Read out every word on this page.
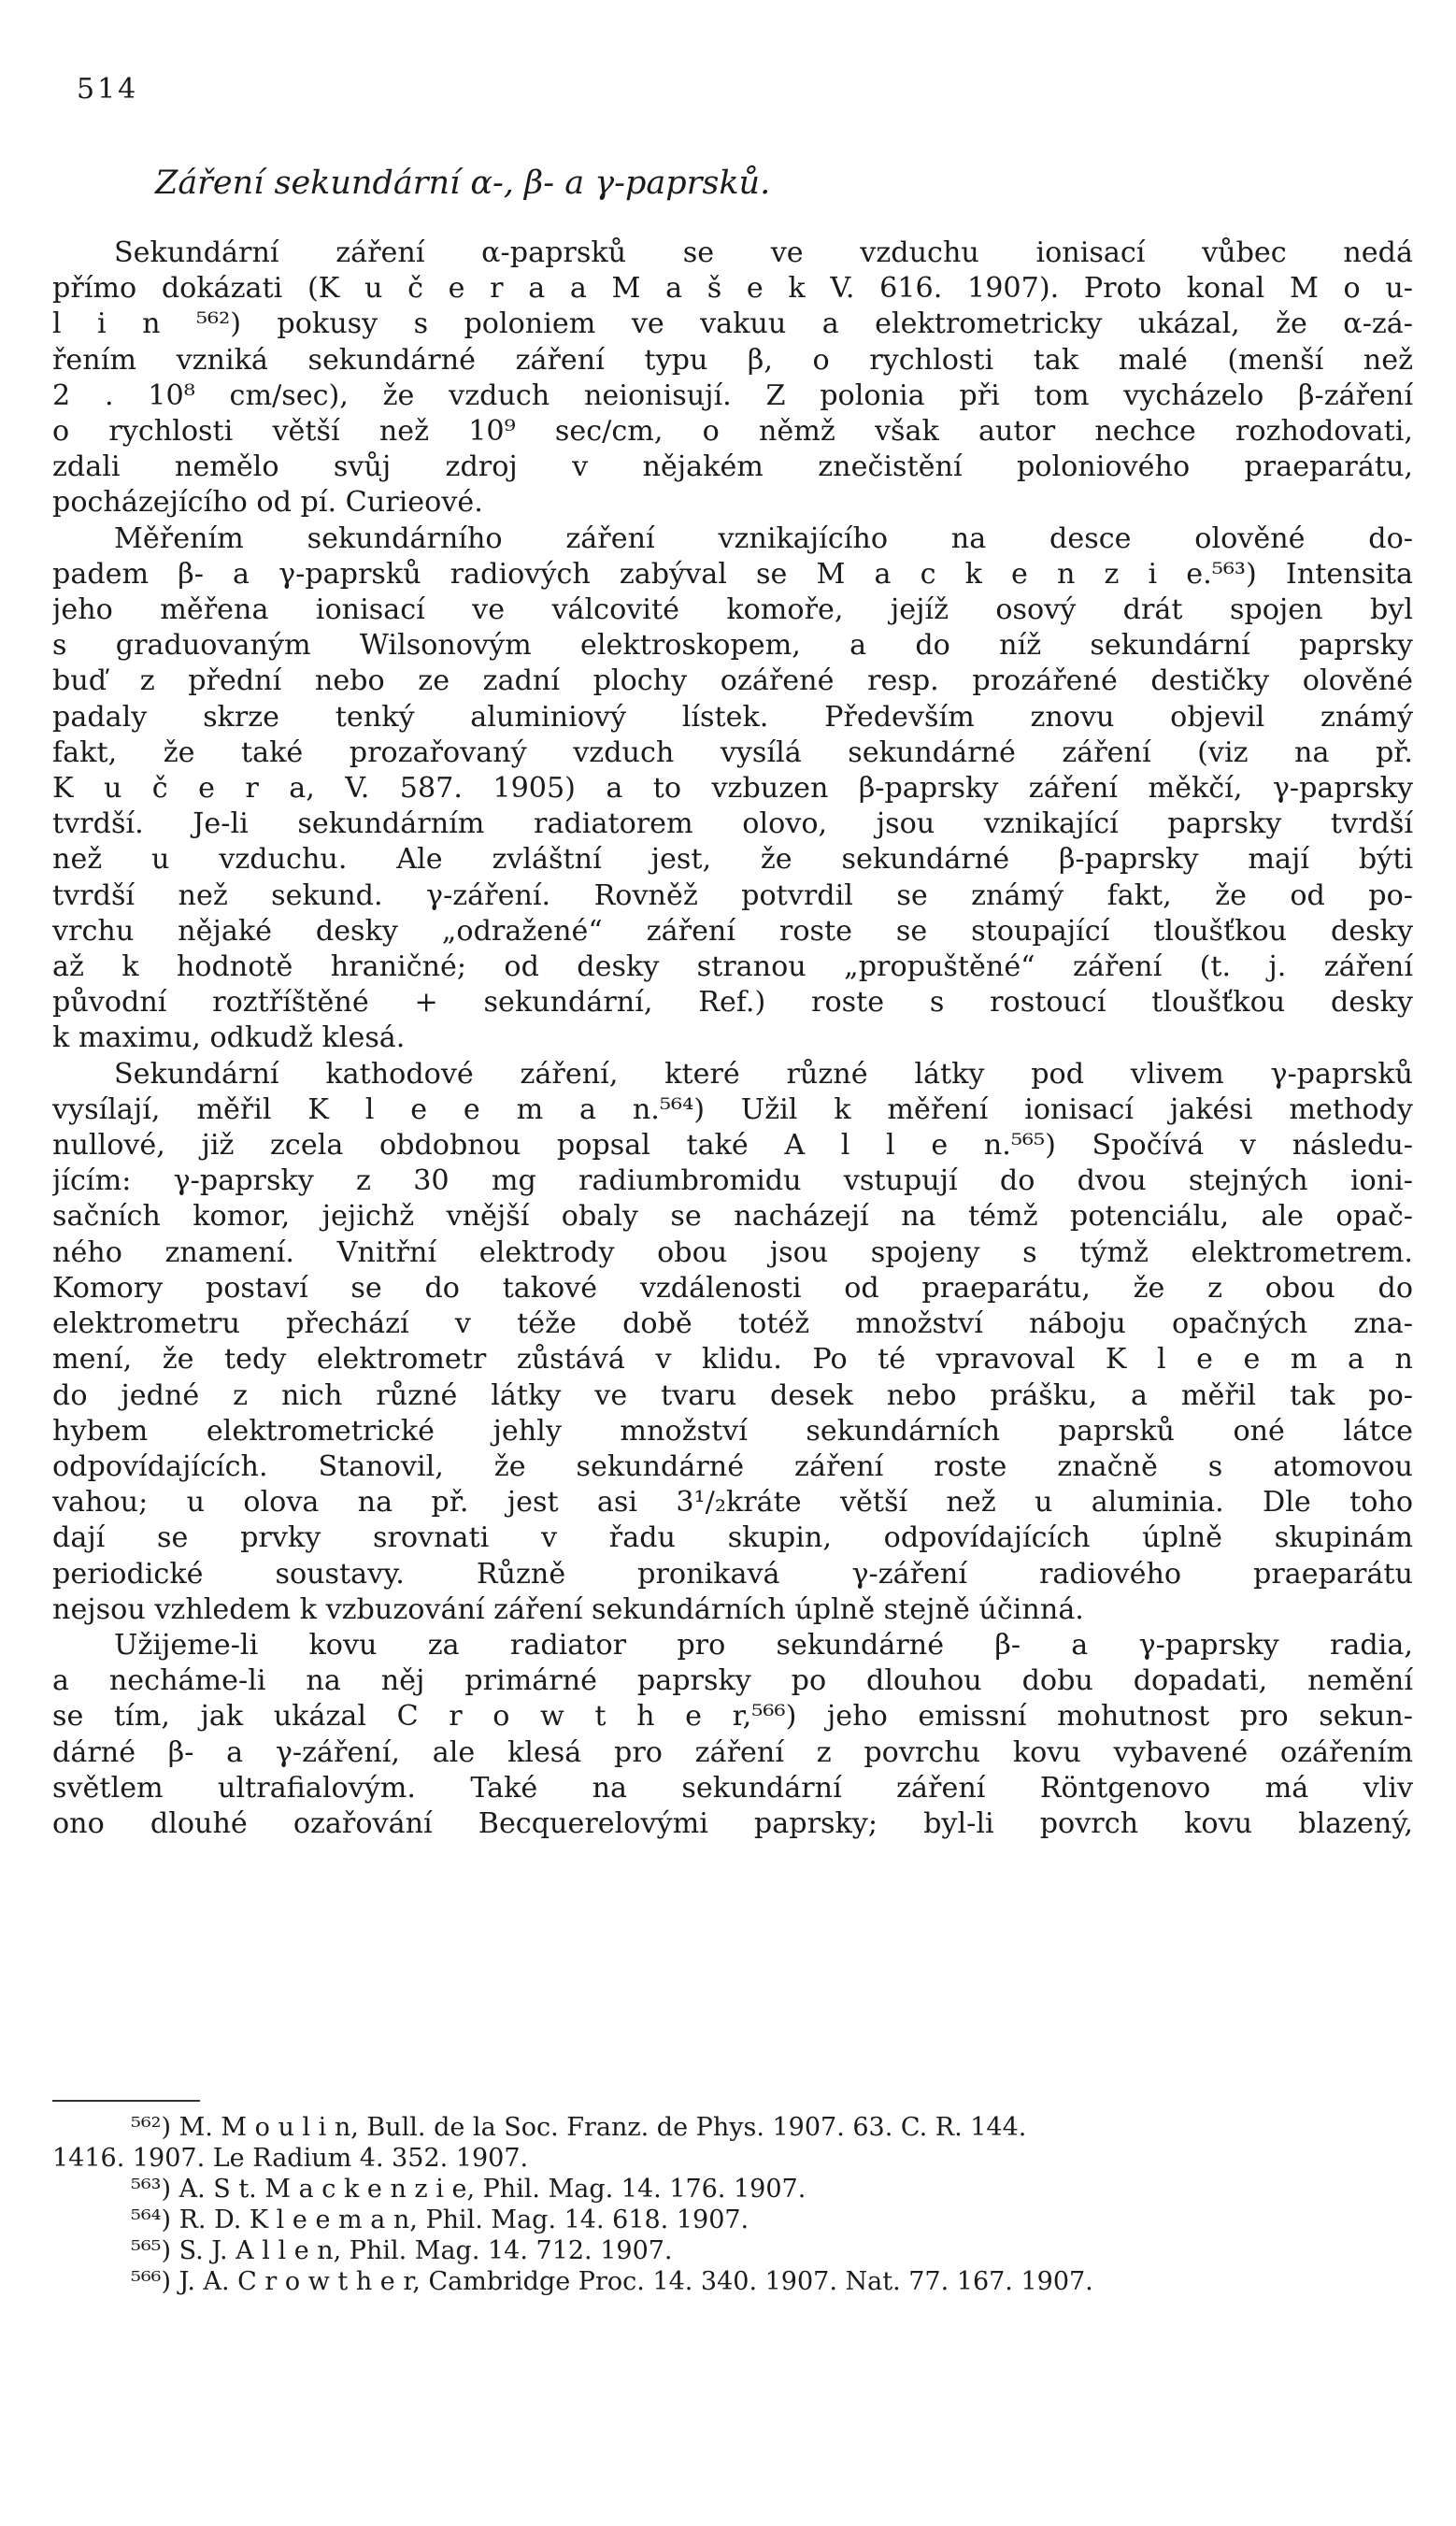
514
Záření sekundární α-, β- a γ-paprsků.
Sekundární záření α-paprsků se ve vzduchu ionisací vůbec nedá
přímo dokázati (K u č e r a a M a š e k V. 616. 1907). Proto konal M o u-
l i n ⁵⁶²) pokusy s poloniem ve vakuu a elektrometricky ukázal, že α-zá-
řením vzniká sekundárné záření typu β, o rychlosti tak malé (menší než
2 . 10⁸ cm/sec), že vzduch neionisují. Z polonia při tom vycházelo β-záření
o rychlosti větší než 10⁹ sec/cm, o němž však autor nechce rozhodovati,
zdali nemělo svůj zdroj v nějakém znečistění poloniového praeparátu,
pocházejícího od pí. Curieové.
Měřením sekundárního záření vznikajícího na desce olověné do-
padem β- a γ-paprsků radiových zabýval se M a c k e n z i e.⁵⁶³) Intensita
jeho měřena ionisací ve válcovité komoře, jejíž osový drát spojen byl
s graduovaným Wilsonovým elektroskopem, a do níž sekundární paprsky
buď z přední nebo ze zadní plochy ozářené resp. prozářené destičky olověné
padaly skrze tenký aluminiový lístek. Především znovu objevil známý
fakt, že také prozařovaný vzduch vysílá sekundárné záření (viz na př.
K u č e r a, V. 587. 1905) a to vzbuzen β-paprsky záření měkčí, γ-paprsky
tvrdší. Je-li sekundárním radiatorem olovo, jsou vznikající paprsky tvrdší
než u vzduchu. Ale zvláštní jest, že sekundárné β-paprsky mají býti
tvrdší než sekund. γ-záření. Rovněž potvrdil se známý fakt, že od po-
vrchu nějaké desky „odražené“ záření roste se stoupající tloušťkou desky
až k hodnotě hraničné; od desky stranou „propuštěné“ záření (t. j. záření
původní roztříštěné + sekundární, Ref.) roste s rostoucí tloušťkou desky
k maximu, odkudž klesá.
Sekundární kathodové záření, které různé látky pod vlivem γ-paprsků
vysílají, měřil K l e e m a n.⁵⁶⁴) Užil k měření ionisací jakési methody
nullové, již zcela obdobnou popsal také A l l e n.⁵⁶⁵) Spočívá v následu-
jícím: γ-paprsky z 30 mg radiumbromidu vstupují do dvou stejných ioni-
sačních komor, jejichž vnější obaly se nacházejí na témž potenciálu, ale opač-
ného znamení. Vnitřní elektrody obou jsou spojeny s týmž elektrometrem.
Komory postaví se do takové vzdálenosti od praeparátu, že z obou do
elektrometru přechází v téže době totéž množství náboju opačných zna-
mení, že tedy elektrometr zůstává v klidu. Po té vpravoval K l e e m a n
do jedné z nich různé látky ve tvaru desek nebo prášku, a měřil tak po-
hybem elektrometrické jehly množství sekundárních paprsků oné látce
odpovídajících. Stanovil, že sekundárné záření roste značně s atomovou
vahou; u olova na př. jest asi 3¹/₂kráte větší než u aluminia. Dle toho
dají se prvky srovnati v řadu skupin, odpovídajících úplně skupinám
periodické soustavy. Různě pronikavá γ-záření radiového praeparátu
nejsou vzhledem k vzbuzování záření sekundárních úplně stejně účinná.
Užijeme-li kovu za radiator pro sekundárné β- a γ-paprsky radia,
a necháme-li na něj primárné paprsky po dlouhou dobu dopadati, nemění
se tím, jak ukázal C r o w t h e r,⁵⁶⁶) jeho emissní mohutnost pro sekun-
dárné β- a γ-záření, ale klesá pro záření z povrchu kovu vybavené ozářením
světlem ultrafialovým. Také na sekundární záření Röntgenovo má vliv
ono dlouhé ozařování Becquerelovými paprsky; byl-li povrch kovu blazený,
⁵⁶²) M. M o u l i n, Bull. de la Soc. Franz. de Phys. 1907. 63. C. R. 144.
1416. 1907. Le Radium 4. 352. 1907.
⁵⁶³) A. S t. M a c k e n z i e, Phil. Mag. 14. 176. 1907.
⁵⁶⁴) R. D. K l e e m a n, Phil. Mag. 14. 618. 1907.
⁵⁶⁵) S. J. A l l e n, Phil. Mag. 14. 712. 1907.
⁵⁶⁶) J. A. C r o w t h e r, Cambridge Proc. 14. 340. 1907. Nat. 77. 167. 1907.
